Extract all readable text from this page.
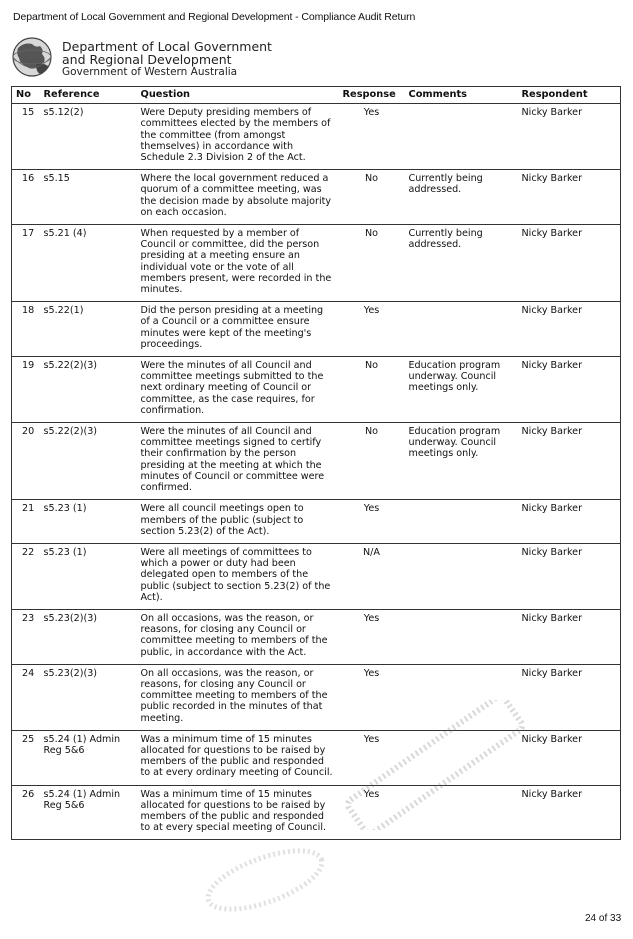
Department of Local Government and Regional Development - Compliance Audit Return
Department of Local Government
and Regional Development
Government of Western Australia
No	Reference	Question	Response	Comments	Respondent
15	s5.12(2)	Were Deputy presiding members of committees elected by the members of the committee (from amongst themselves) in accordance with Schedule 2.3 Division 2 of the Act.	Yes		Nicky Barker
16	s5.15	Where the local government reduced a quorum of a committee meeting, was the decision made by absolute majority on each occasion.	No	Currently being addressed.	Nicky Barker
17	s5.21 (4)	When requested by a member of Council or committee, did the person presiding at a meeting ensure an individual vote or the vote of all members present, were recorded in the minutes.	No	Currently being addressed.	Nicky Barker
18	s5.22(1)	Did the person presiding at a meeting of a Council or a committee ensure minutes were kept of the meeting's proceedings.	Yes		Nicky Barker
19	s5.22(2)(3)	Were the minutes of all Council and committee meetings submitted to the next ordinary meeting of Council or committee, as the case requires, for confirmation.	No	Education program underway. Council meetings only.	Nicky Barker
20	s5.22(2)(3)	Were the minutes of all Council and committee meetings signed to certify their confirmation by the person presiding at the meeting at which the minutes of Council or committee were confirmed.	No	Education program underway. Council meetings only.	Nicky Barker
21	s5.23 (1)	Were all council meetings open to members of the public (subject to section 5.23(2) of the Act).	Yes		Nicky Barker
22	s5.23 (1)	Were all meetings of committees to which a power or duty had been delegated open to members of the public (subject to section 5.23(2) of the Act).	N/A		Nicky Barker
23	s5.23(2)(3)	On all occasions, was the reason, or reasons, for closing any Council or committee meeting to members of the public, in accordance with the Act.	Yes		Nicky Barker
24	s5.23(2)(3)	On all occasions, was the reason, or reasons, for closing any Council or committee meeting to members of the public recorded in the minutes of that meeting.	Yes		Nicky Barker
25	s5.24 (1) Admin Reg 5&6	Was a minimum time of 15 minutes allocated for questions to be raised by members of the public and responded to at every ordinary meeting of Council.	Yes		Nicky Barker
26	s5.24 (1) Admin Reg 5&6	Was a minimum time of 15 minutes allocated for questions to be raised by members of the public and responded to at every special meeting of Council.	Yes		Nicky Barker
24 of 33
